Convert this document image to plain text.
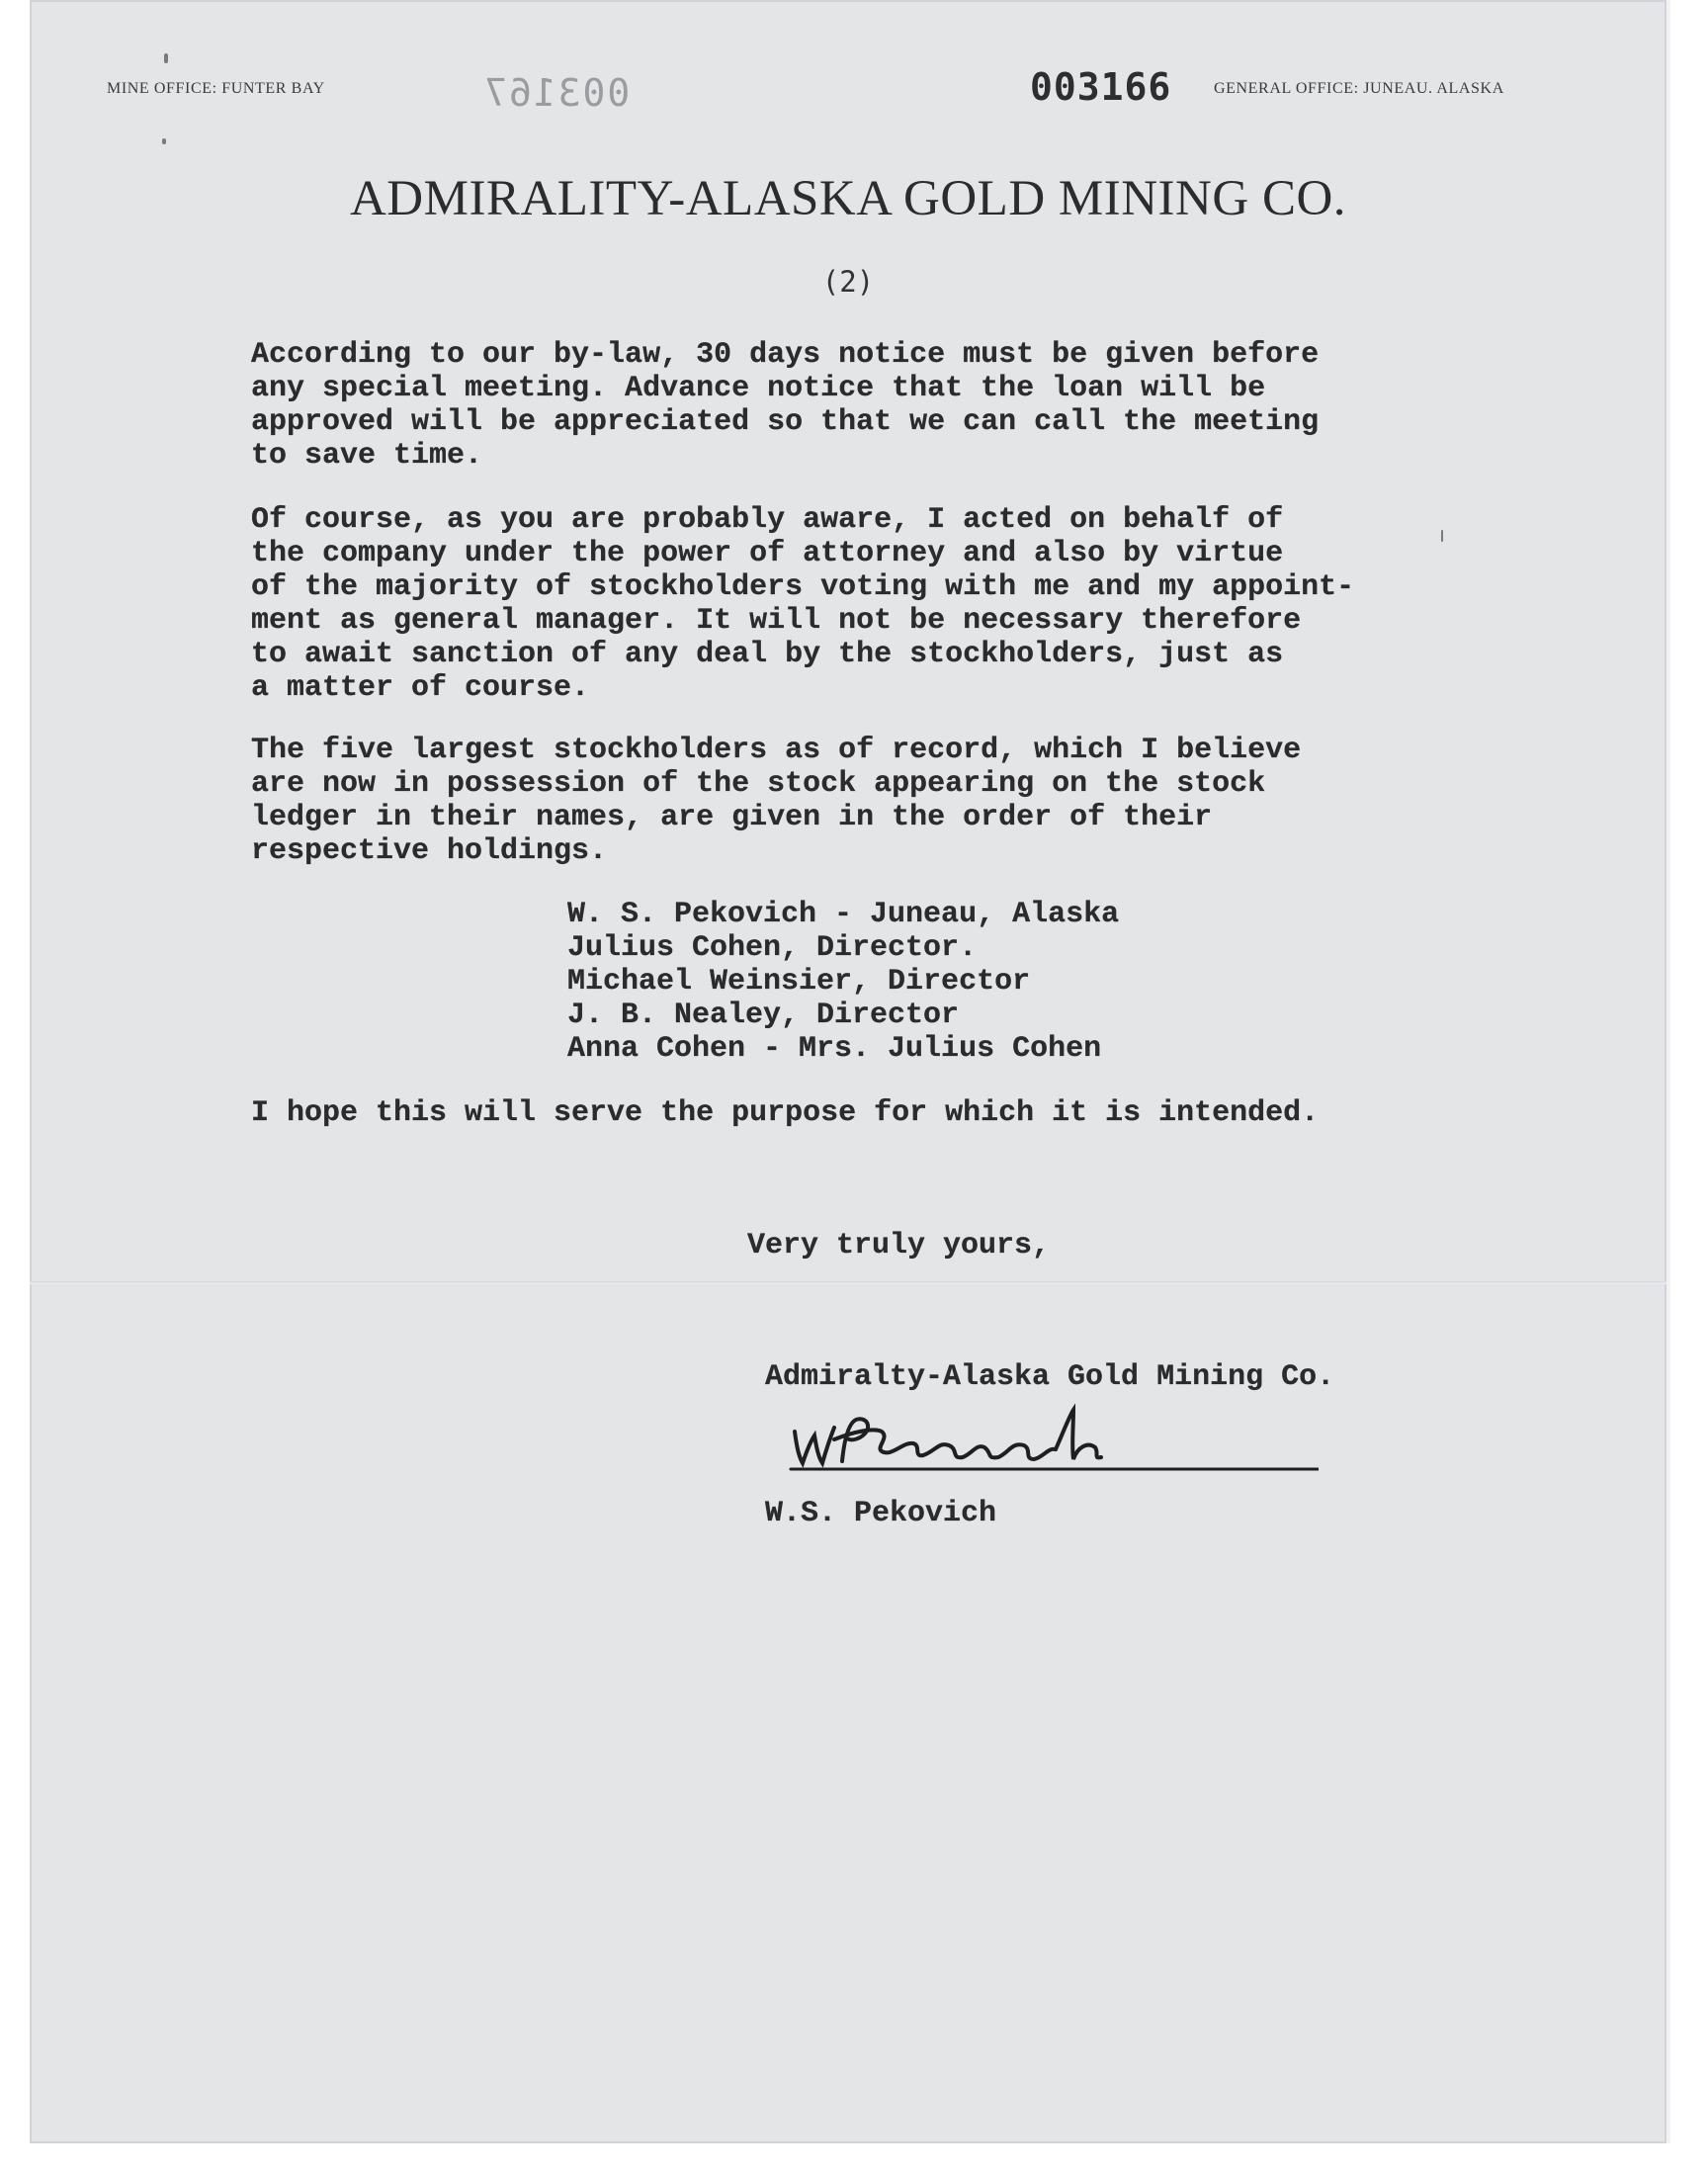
MINE OFFICE: FUNTER BAY	003167	003166	GENERAL OFFICE: JUNEAU. ALASKA
ADMIRALITY-ALASKA GOLD MINING CO.
(2)
According to our by-law, 30 days notice must be given before
any special meeting. Advance notice that the loan will be
approved will be appreciated so that we can call the meeting
to save time.
Of course, as you are probably aware, I acted on behalf of
the company under the power of attorney and also by virtue
of the majority of stockholders voting with me and my appoint-
ment as general manager. It will not be necessary therefore
to await sanction of any deal by the stockholders, just as
a matter of course.
The five largest stockholders as of record, which I believe
are now in possession of the stock appearing on the stock
ledger in their names, are given in the order of their
respective holdings.
W. S. Pekovich - Juneau, Alaska
Julius Cohen, Director.
Michael Weinsier, Director
J. B. Nealey, Director
Anna Cohen - Mrs. Julius Cohen
I hope this will serve the purpose for which it is intended.
Very truly yours,
Admiralty-Alaska Gold Mining Co.
W.S. Pekovich
